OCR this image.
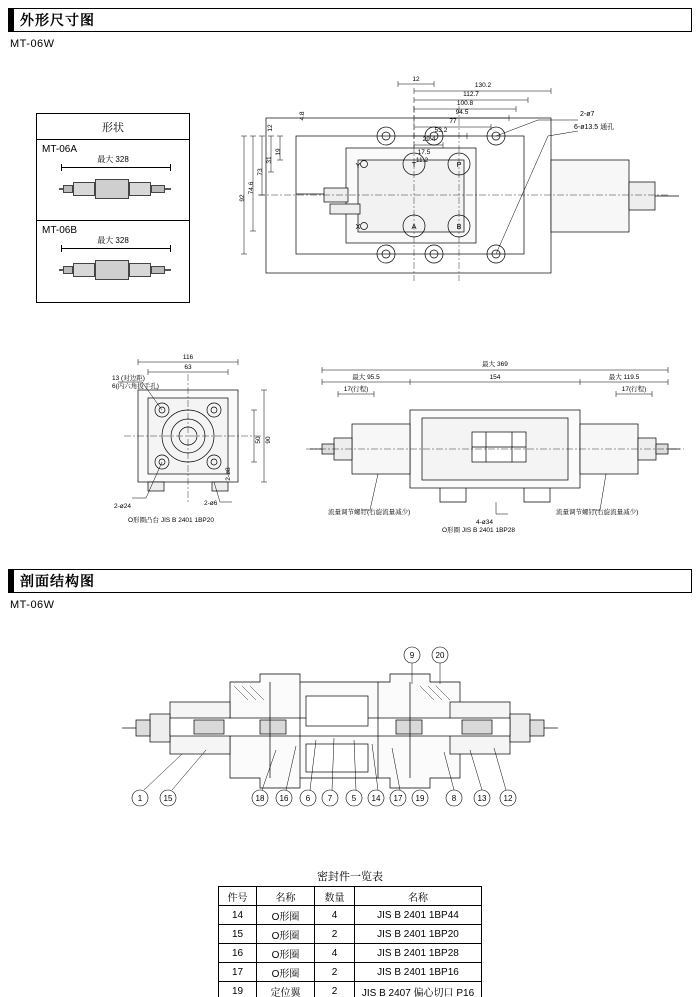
外形尺寸图
MT-06W
形状
MT-06A
最大 328
MT-06B
最大 328
12
130.2
112.7
100.8
94.5
77
53.2
29.4
17.5
11.2
92
74.6
73
31
19
12
4.8	2-ø7
6-ø13.5 通孔
T	P
A	B
X
Y
116
63
90
50
2-ø8
13 (对边距)
6(内六角扳手孔)
2-ø24	2-ø6
O形圈凸台 JIS B 2401 1BP20
最大 369
154
最大 95.5	最大 119.5
17(行程)	17(行程)
流量调节螺钉(右旋流量减少)	流量调节螺钉(右旋流量减少)
4-ø34
O形圈 JIS B 2401 1BP28
剖面结构图
MT-06W
9	20
1	15	18 16 6 7 5 14 17 19	8	13 12
密封件一览表
件号	名称	数量	名称
14	O形圈	4	JIS B 2401 1BP44
15	O形圈	2	JIS B 2401 1BP20
16	O形圈	4	JIS B 2401 1BP28
17	O形圈	2	JIS B 2401 1BP16
19	定位翼	2	JIS B 2407 偏心切口 P16
